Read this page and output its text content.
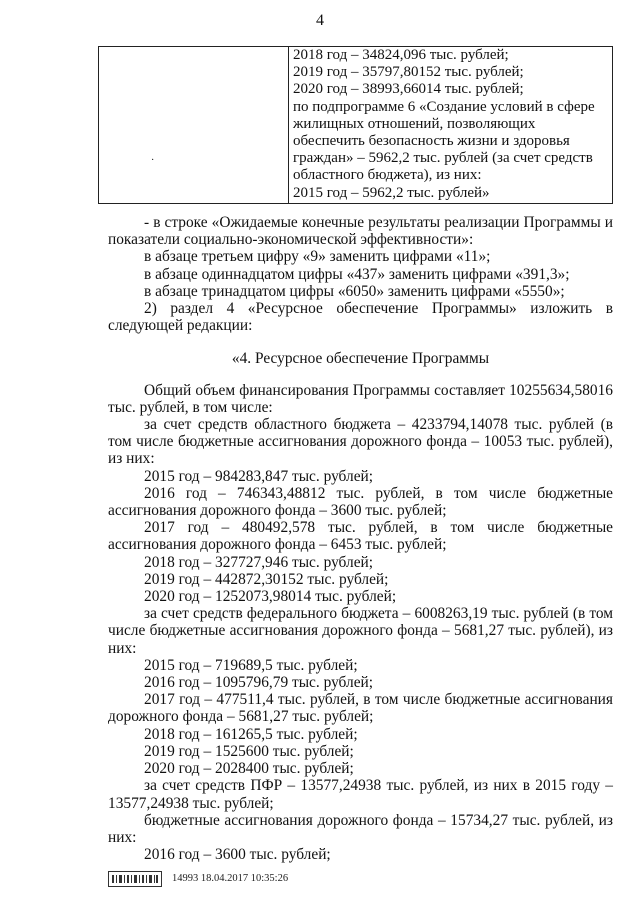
4
·

2018 год – 34824,096 тыс. рублей;

2019 год – 35797,80152 тыс. рублей;

2020 год – 38993,66014 тыс. рублей;

по подпрограмме 6 «Создание условий в сфере

жилищных отношений, позволяющих

обеспечить безопасность жизни и здоровья

граждан» – 5962,2 тыс. рублей (за счет средств

областного бюджета), из них:

2015 год – 5962,2 тыс. рублей»

- в строке «Ожидаемые конечные результаты реализации Программы и показатели социально-экономической эффективности»:

в абзаце третьем цифру «9» заменить цифрами «11»;

в абзаце одиннадцатом цифры «437» заменить цифрами «391,3»;

в абзаце тринадцатом цифры «6050» заменить цифрами «5550»;

2) раздел 4 «Ресурсное обеспечение Программы» изложить в следующей редакции:

«4. Ресурсное обеспечение Программы

Общий объем финансирования Программы составляет 10255634,58016 тыс. рублей, в том числе:

за счет средств областного бюджета – 4233794,14078 тыс. рублей (в том числе бюджетные ассигнования дорожного фонда – 10053 тыс. рублей), из них:

2015 год – 984283,847 тыс. рублей;

2016 год – 746343,48812 тыс. рублей, в том числе бюджетные ассигнования дорожного фонда – 3600 тыс. рублей;

2017 год – 480492,578 тыс. рублей, в том числе бюджетные ассигнования дорожного фонда – 6453 тыс. рублей;

2018 год – 327727,946 тыс. рублей;

2019 год – 442872,30152 тыс. рублей;

2020 год – 1252073,98014 тыс. рублей;

за счет средств федерального бюджета – 6008263,19 тыс. рублей (в том числе бюджетные ассигнования дорожного фонда – 5681,27 тыс. рублей), из них:

2015 год – 719689,5 тыс. рублей;

2016 год – 1095796,79 тыс. рублей;

2017 год – 477511,4 тыс. рублей, в том числе бюджетные ассигнования дорожного фонда – 5681,27 тыс. рублей;

2018 год – 161265,5 тыс. рублей;

2019 год – 1525600 тыс. рублей;

2020 год – 2028400 тыс. рублей;

за счет средств ПФР – 13577,24938 тыс. рублей, из них в 2015 году – 13577,24938 тыс. рублей;

бюджетные ассигнования дорожного фонда – 15734,27 тыс. рублей, из них:

2016 год – 3600 тыс. рублей;

14993 18.04.2017 10:35:26
